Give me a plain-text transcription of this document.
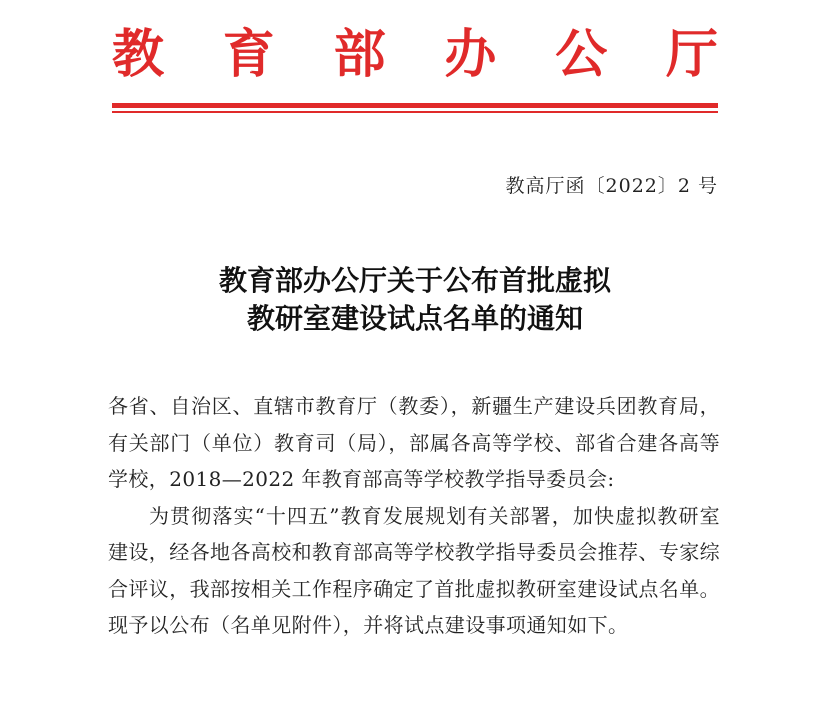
教 育 部 办 公 厅
教高厅函〔2022〕2 号
教育部办公厅关于公布首批虚拟
教研室建设试点名单的通知

各省、自治区、直辖市教育厅（教委），新疆生产建设兵团教育局，有关部门（单位）教育司（局），部属各高等学校、部省合建各高等学校，2018—2022 年教育部高等学校教学指导委员会:

为贯彻落实“十四五”教育发展规划有关部署，加快虚拟教研室建设，经各地各高校和教育部高等学校教学指导委员会推荐、专家综合评议，我部按相关工作程序确定了首批虚拟教研室建设试点名单。现予以公布（名单见附件），并将试点建设事项通知如下。
